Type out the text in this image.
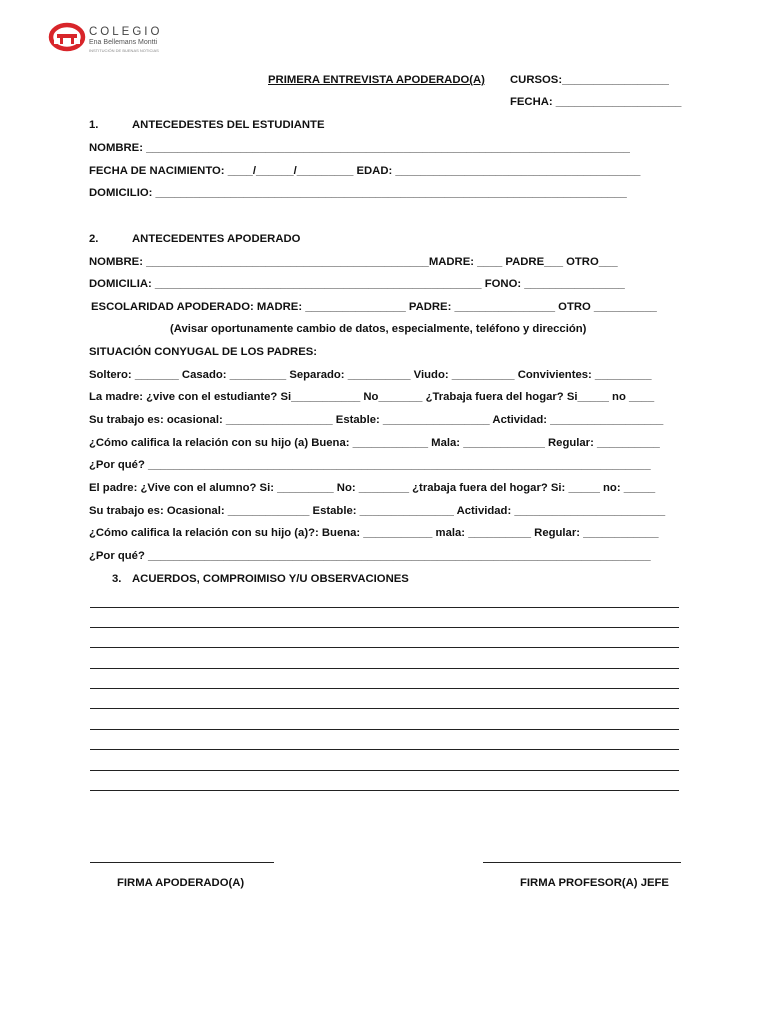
COLEGIO
Ena Bellemans Montti
INSTITUCIÓN DE BUENAS NOTICIAS
PRIMERA ENTREVISTA APODERADO(A) CURSOS:_________________
FECHA: ____________________
1.	ANTECEDESTES DEL ESTUDIANTE
NOMBRE: _____________________________________________________________________________
FECHA DE NACIMIENTO: ____/______/_________ EDAD: _______________________________________
DOMICILIO: ___________________________________________________________________________
2.	ANTECEDENTES APODERADO
NOMBRE: _____________________________________________MADRE: ____ PADRE___ OTRO___
DOMICILIA: ____________________________________________________ FONO: ________________
ESCOLARIDAD APODERADO: MADRE: ________________ PADRE: ________________ OTRO __________
(Avisar oportunamente cambio de datos, especialmente, teléfono y dirección)
SITUACIÓN CONYUGAL DE LOS PADRES:
Soltero: _______ Casado: _________ Separado: __________ Viudo: __________ Convivientes: _________
La madre: ¿vive con el estudiante? Si___________ No_______ ¿Trabaja fuera del hogar? Si_____ no ____
Su trabajo es: ocasional: _________________ Estable: _________________ Actividad: __________________
¿Cómo califica la relación con su hijo (a) Buena: ____________ Mala: _____________ Regular: __________
¿Por qué? ________________________________________________________________________________
El padre: ¿Vive con el alumno? Si: _________ No: ________ ¿trabaja fuera del hogar? Si: _____ no: _____
Su trabajo es: Ocasional: _____________ Estable: _______________ Actividad: ________________________
¿Cómo califica la relación con su hijo (a)?: Buena: ___________ mala: __________ Regular: ____________
¿Por qué? ________________________________________________________________________________
3. ACUERDOS, COMPROIMISO Y/U OBSERVACIONES
FIRMA APODERADO(A)	FIRMA PROFESOR(A) JEFE
